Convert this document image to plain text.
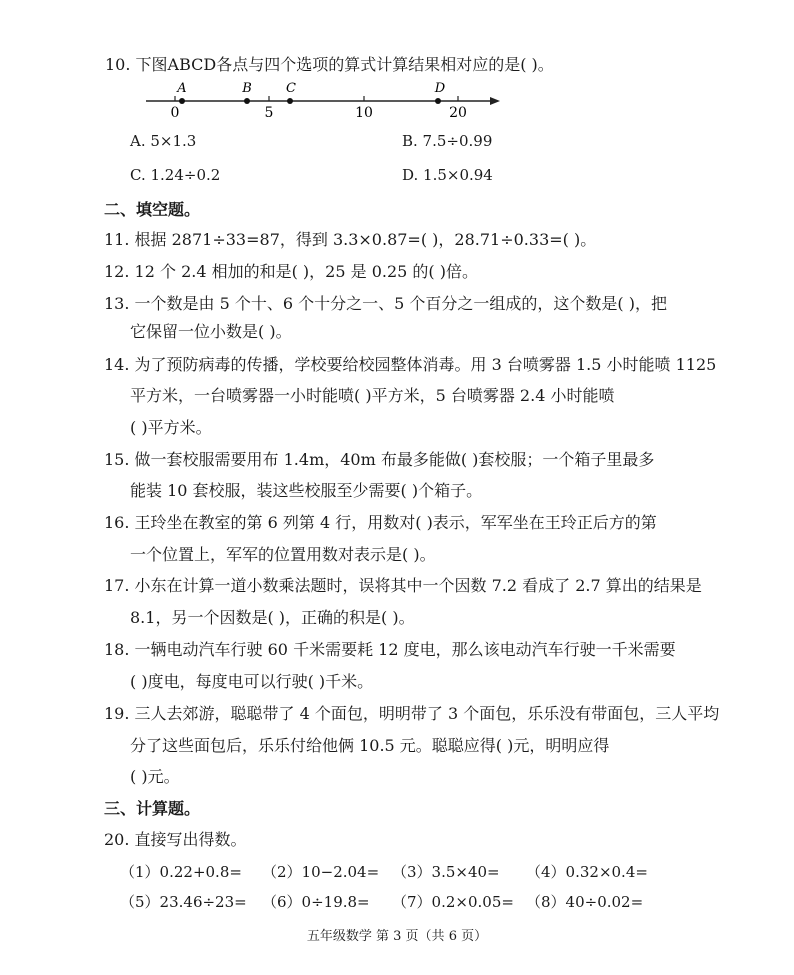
10. 下图ABCD各点与四个选项的算式计算结果相对应的是( )。
A	B	C	D
0	5	10	20
A. 5×1.3	B. 7.5÷0.99
C. 1.24÷0.2	D. 1.5×0.94
二、填空题。
11. 根据 2871÷33=87，得到 3.3×0.87=( )，28.71÷0.33=( )。
12. 12 个 2.4 相加的和是( )，25 是 0.25 的( )倍。
13. 一个数是由 5 个十、6 个十分之一、5 个百分之一组成的，这个数是( )，把
它保留一位小数是( )。
14. 为了预防病毒的传播，学校要给校园整体消毒。用 3 台喷雾器 1.5 小时能喷 1125
平方米，一台喷雾器一小时能喷( )平方米，5 台喷雾器 2.4 小时能喷
( )平方米。
15. 做一套校服需要用布 1.4m，40m 布最多能做( )套校服；一个箱子里最多
能装 10 套校服，装这些校服至少需要( )个箱子。
16. 王玲坐在教室的第 6 列第 4 行，用数对( )表示，军军坐在王玲正后方的第
一个位置上，军军的位置用数对表示是( )。
17. 小东在计算一道小数乘法题时，误将其中一个因数 7.2 看成了 2.7 算出的结果是
8.1，另一个因数是( )，正确的积是( )。
18. 一辆电动汽车行驶 60 千米需要耗 12 度电，那么该电动汽车行驶一千米需要
( )度电，每度电可以行驶( )千米。
19. 三人去郊游，聪聪带了 4 个面包，明明带了 3 个面包，乐乐没有带面包，三人平均
分了这些面包后，乐乐付给他俩 10.5 元。聪聪应得( )元，明明应得
( )元。
三、计算题。
20. 直接写出得数。
（1）0.22+0.8= （2）10−2.04= （3）3.5×40= （4）0.32×0.4=
（5）23.46÷23= （6）0÷19.8= （7）0.2×0.05= （8）40÷0.02=
五年级数学 第 3 页（共 6 页）
